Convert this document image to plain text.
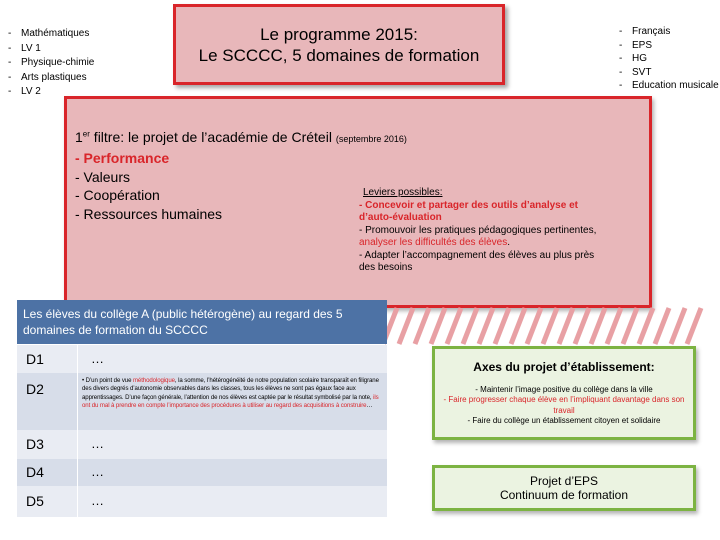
- Mathématiques
- LV 1
- Physique-chimie
- Arts plastiques
- LV 2
Le programme 2015:
Le SCCCC, 5 domaines de formation
- Français
- EPS
- HG
- SVT
- Education musicale
1er filtre: le projet de l’académie de Créteil (septembre 2016)
- Performance
- Valeurs
- Coopération
- Ressources humaines
Leviers possibles:
- Concevoir et partager des outils d’analyse et d’auto-évaluation
- Promouvoir les pratiques pédagogiques pertinentes, analyser les difficultés des élèves.
- Adapter l’accompagnement des élèves au plus près des besoins
Les élèves du collège A (public hétérogène) au regard des 5 domaines de formation du SCCCC
D1	…
D2
• D’un point de vue méthodologique, la somme, l’hétérogénéité de notre population scolaire transparaît en filigrane des divers degrés d’autonomie observables dans les classes, tous les élèves ne sont pas égaux face aux apprentissages. D’une façon générale, l’attention de nos élèves est captée par le résultat symbolisé par la note, ils ont du mal à prendre en compte l’importance des procédures à utiliser au regard des acquisitions à construire…
D3	…
D4	…
D5	…
Axes du projet d’établissement:
- Maintenir l’image positive du collège dans la ville
- Faire progresser chaque élève en l’impliquant davantage dans son travail
- Faire du collège un établissement citoyen et solidaire
Projet d’EPS
Continuum de formation
